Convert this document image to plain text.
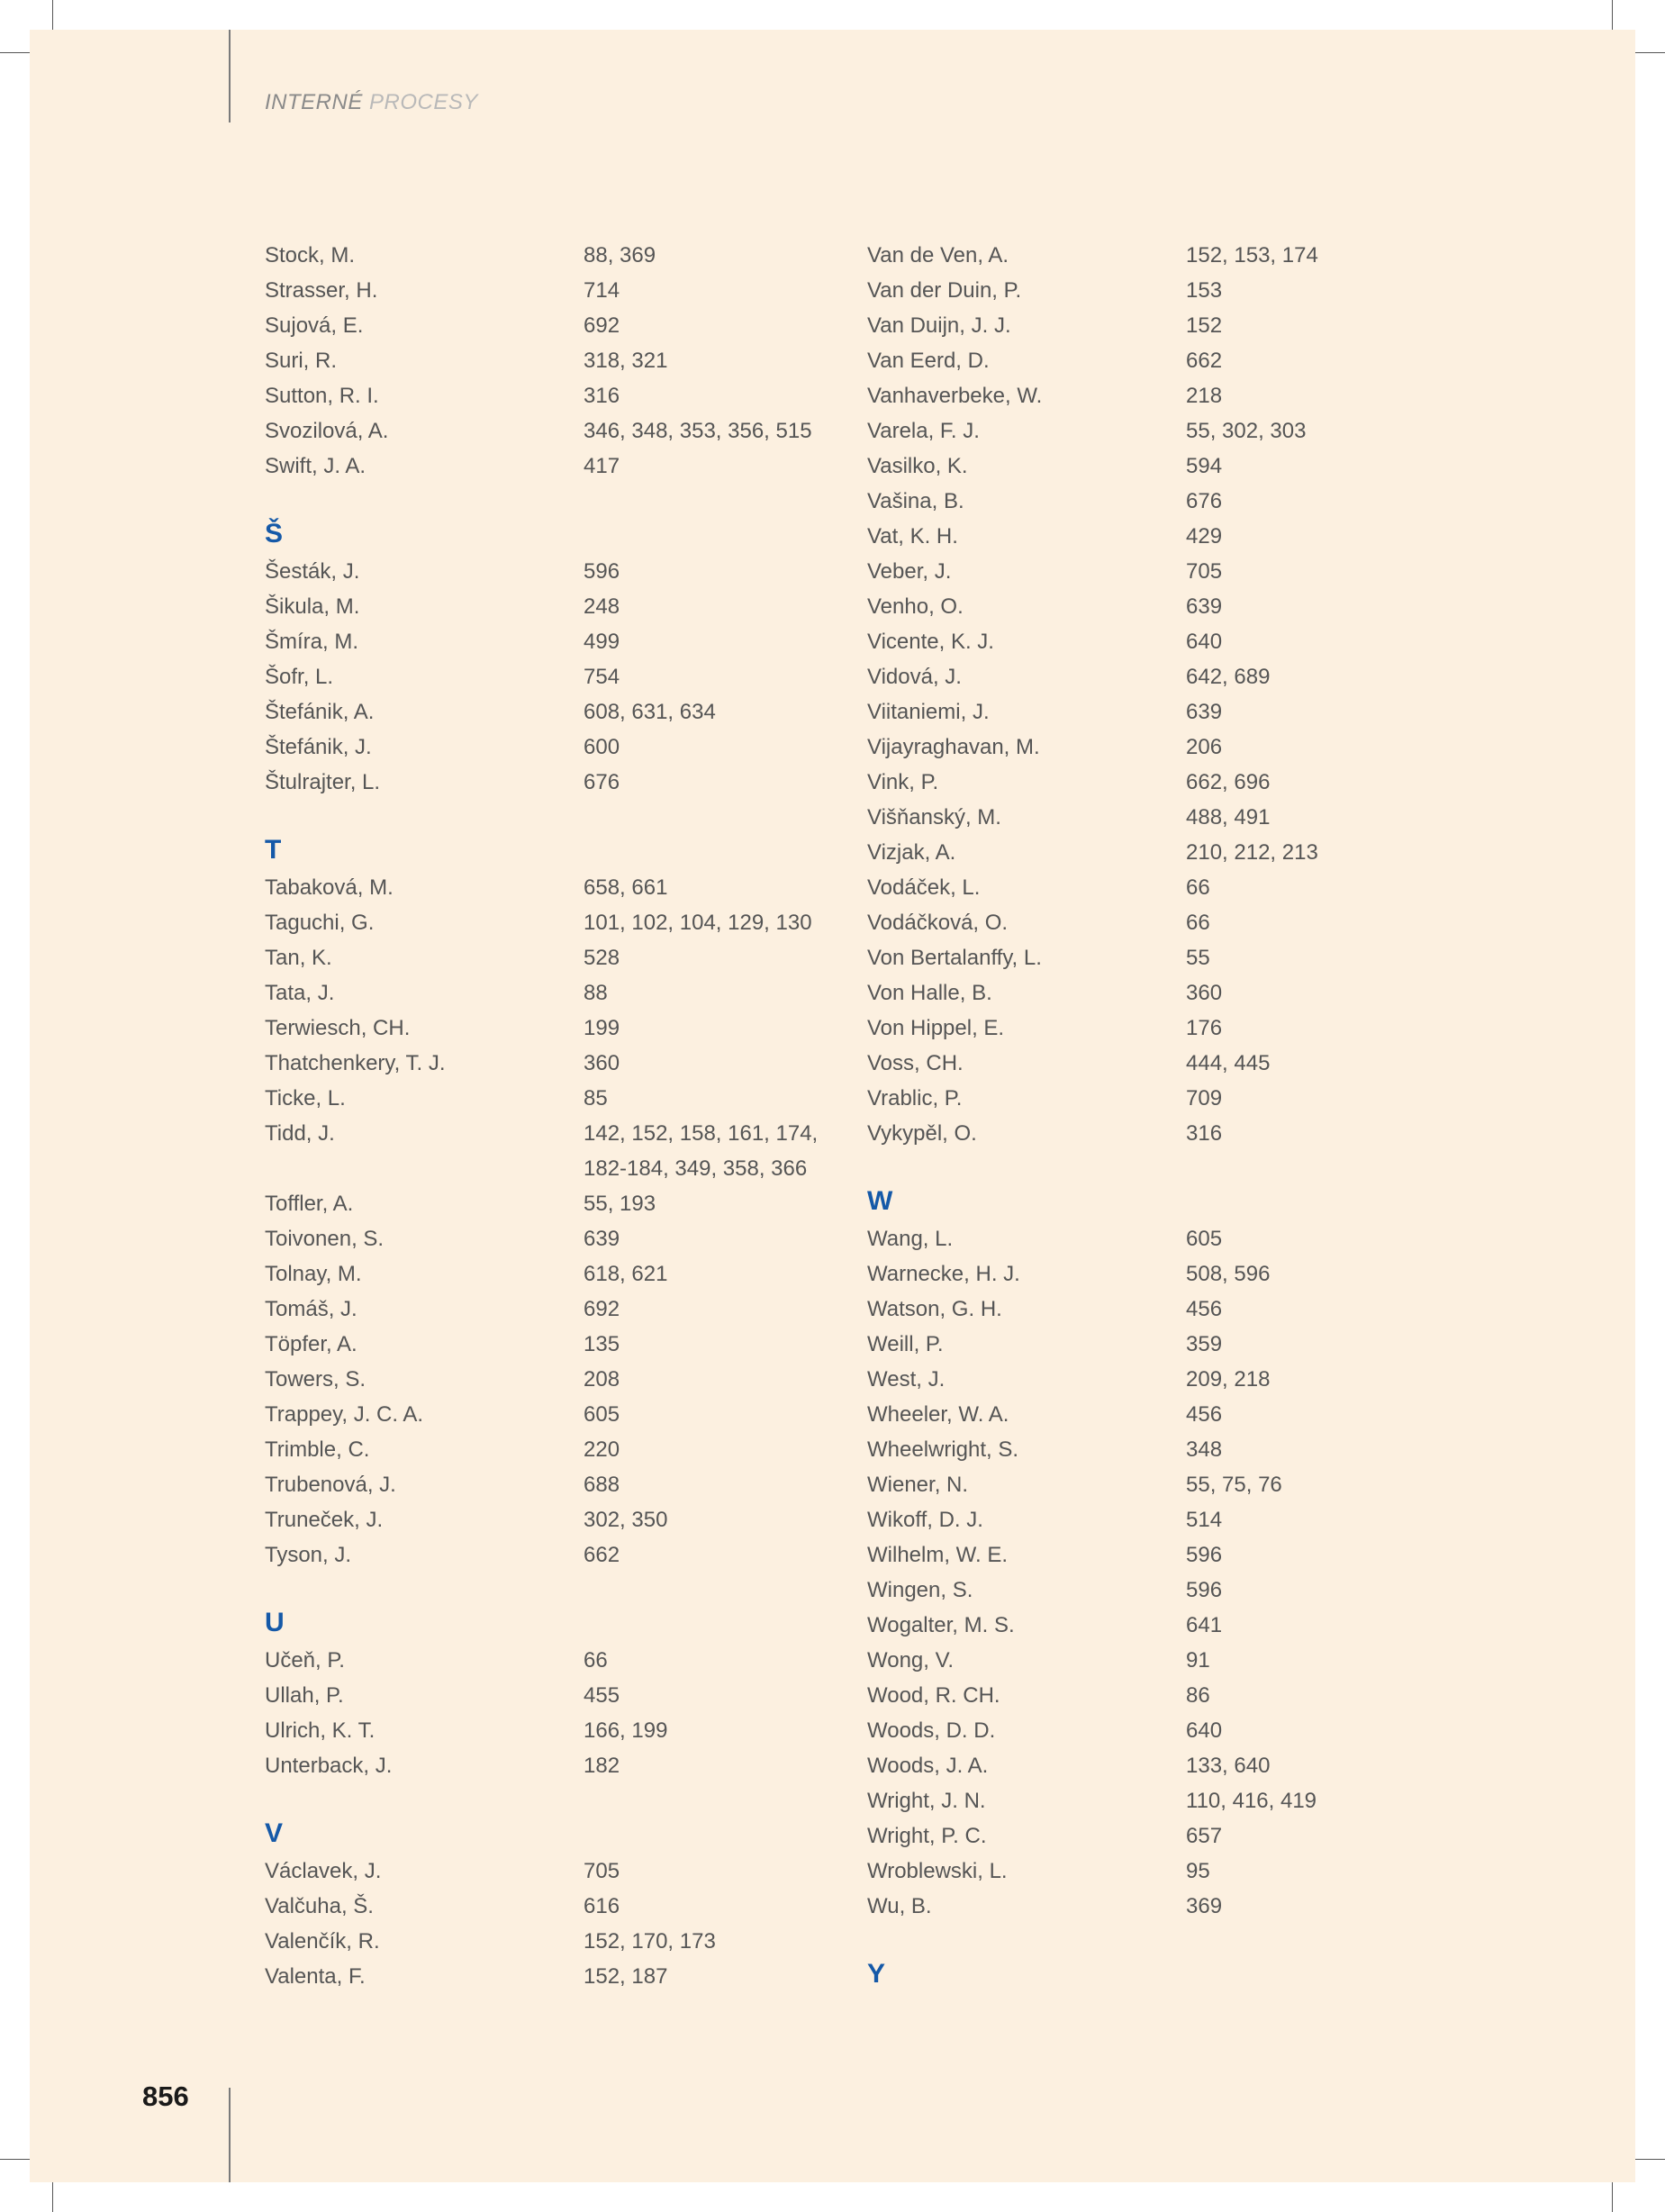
INTERNÉ PROCESY
Stock, M.	88, 369
Strasser, H.	714
Sujová, E.	692
Suri, R.	318, 321
Sutton, R. I.	316
Svozilová, A.	346, 348, 353, 356, 515
Swift, J. A.	417
Š
Šesták, J.	596
Šikula, M.	248
Šmíra, M.	499
Šofr, L.	754
Štefánik, A.	608, 631, 634
Štefánik, J.	600
Štulrajter, L.	676
T
Tabaková, M.	658, 661
Taguchi, G.	101, 102, 104, 129, 130
Tan, K.	528
Tata, J.	88
Terwiesch, CH.	199
Thatchenkery, T. J.	360
Ticke, L.	85
Tidd, J.	142, 152, 158, 161, 174,
182-184, 349, 358, 366
Toffler, A.	55, 193
Toivonen, S.	639
Tolnay, M.	618, 621
Tomáš, J.	692
Töpfer, A.	135
Towers, S.	208
Trappey, J. C. A.	605
Trimble, C.	220
Trubenová, J.	688
Truneček, J.	302, 350
Tyson, J.	662
U
Učeň, P.	66
Ullah, P.	455
Ulrich, K. T.	166, 199
Unterback, J.	182
V
Václavek, J.	705
Valčuha, Š.	616
Valenčík, R.	152, 170, 173
Valenta, F.	152, 187
Van de Ven, A.	152, 153, 174
Van der Duin, P.	153
Van Duijn, J. J.	152
Van Eerd, D.	662
Vanhaverbeke, W.	218
Varela, F. J.	55, 302, 303
Vasilko, K.	594
Vašina, B.	676
Vat, K. H.	429
Veber, J.	705
Venho, O.	639
Vicente, K. J.	640
Vidová, J.	642, 689
Viitaniemi, J.	639
Vijayraghavan, M.	206
Vink, P.	662, 696
Višňanský, M.	488, 491
Vizjak, A.	210, 212, 213
Vodáček, L.	66
Vodáčková, O.	66
Von Bertalanffy, L.	55
Von Halle, B.	360
Von Hippel, E.	176
Voss, CH.	444, 445
Vrablic, P.	709
Vykypěl, O.	316
W
Wang, L.	605
Warnecke, H. J.	508, 596
Watson, G. H.	456
Weill, P.	359
West, J.	209, 218
Wheeler, W. A.	456
Wheelwright, S.	348
Wiener, N.	55, 75, 76
Wikoff, D. J.	514
Wilhelm, W. E.	596
Wingen, S.	596
Wogalter, M. S.	641
Wong, V.	91
Wood, R. CH.	86
Woods, D. D.	640
Woods, J. A.	133, 640
Wright, J. N.	110, 416, 419
Wright, P. C.	657
Wroblewski, L.	95
Wu, B.	369
Y
856
